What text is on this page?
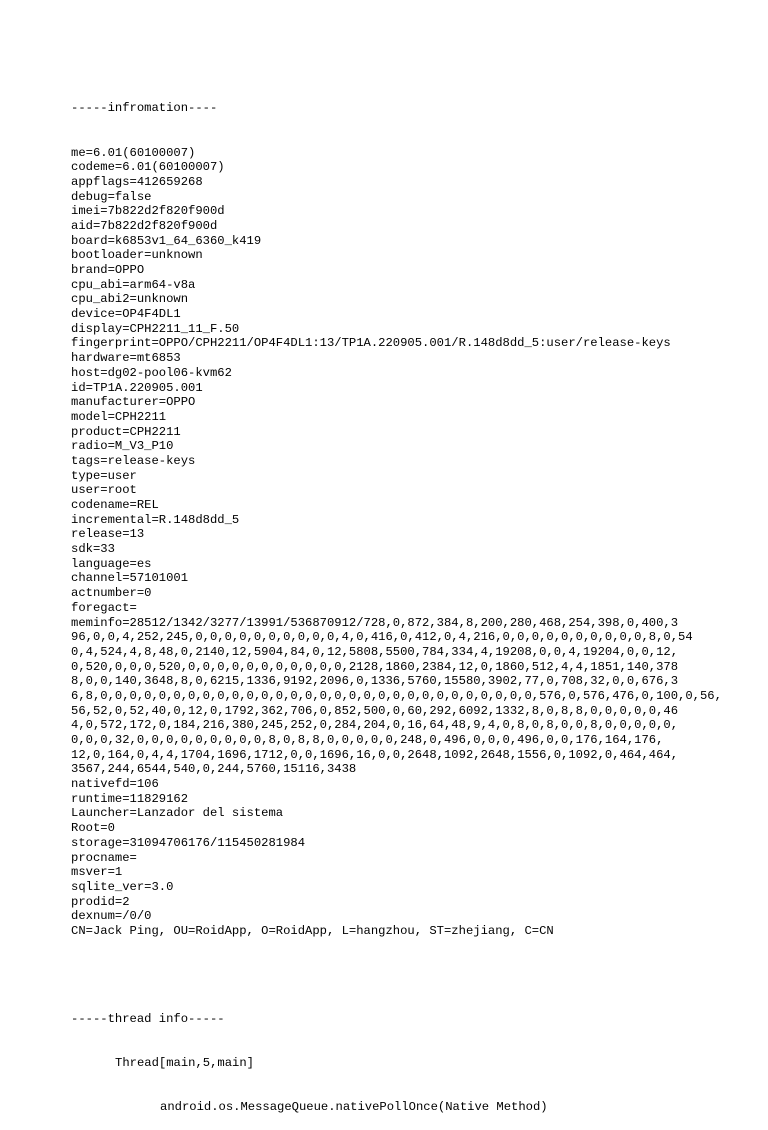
-----infromation----

me=6.01(60100007)
codeme=6.01(60100007)
appflags=412659268
debug=false
imei=7b822d2f820f900d
aid=7b822d2f820f900d
board=k6853v1_64_6360_k419
bootloader=unknown
brand=OPPO
cpu_abi=arm64-v8a
cpu_abi2=unknown
device=OP4F4DL1
display=CPH2211_11_F.50
fingerprint=OPPO/CPH2211/OP4F4DL1:13/TP1A.220905.001/R.148d8dd_5:user/release-keys
hardware=mt6853
host=dg02-pool06-kvm62
id=TP1A.220905.001
manufacturer=OPPO
model=CPH2211
product=CPH2211
radio=M_V3_P10
tags=release-keys
type=user
user=root
codename=REL
incremental=R.148d8dd_5
release=13
sdk=33
language=es
channel=57101001
actnumber=0
foregact=
meminfo=28512/1342/3277/13991/536870912/728,0,872,384,8,200,280,468,254,398,0,400,3
96,0,0,4,252,245,0,0,0,0,0,0,0,0,0,0,4,0,416,0,412,0,4,216,0,0,0,0,0,0,0,0,0,0,8,0,54
0,4,524,4,8,48,0,2140,12,5904,84,0,12,5808,5500,784,334,4,19208,0,0,4,19204,0,0,12,
0,520,0,0,0,520,0,0,0,0,0,0,0,0,0,0,0,2128,1860,2384,12,0,1860,512,4,4,1851,140,378
8,0,0,140,3648,8,0,6215,1336,9192,2096,0,1336,5760,15580,3902,77,0,708,32,0,0,676,3
6,8,0,0,0,0,0,0,0,0,0,0,0,0,0,0,0,0,0,0,0,0,0,0,0,0,0,0,0,0,0,0,576,0,576,476,0,100,0,56,
56,52,0,52,40,0,12,0,1792,362,706,0,852,500,0,60,292,6092,1332,8,0,8,8,0,0,0,0,0,46
4,0,572,172,0,184,216,380,245,252,0,284,204,0,16,64,48,9,4,0,8,0,8,0,0,8,0,0,0,0,0,
0,0,0,32,0,0,0,0,0,0,0,0,0,8,0,8,8,0,0,0,0,0,248,0,496,0,0,0,496,0,0,176,164,176,
12,0,164,0,4,4,1704,1696,1712,0,0,1696,16,0,0,2648,1092,2648,1556,0,1092,0,464,464,
3567,244,6544,540,0,244,5760,15116,3438
nativefd=106
runtime=11829162
Launcher=Lanzador del sistema
Root=0
storage=31094706176/115450281984
procname=
msver=1
sqlite_ver=3.0
prodid=2
dexnum=/0/0
CN=Jack Ping, OU=RoidApp, O=RoidApp, L=hangzhou, ST=zhejiang, C=CN

-----thread info-----

Thread[main,5,main]

android.os.MessageQueue.nativePollOnce(Native Method)
